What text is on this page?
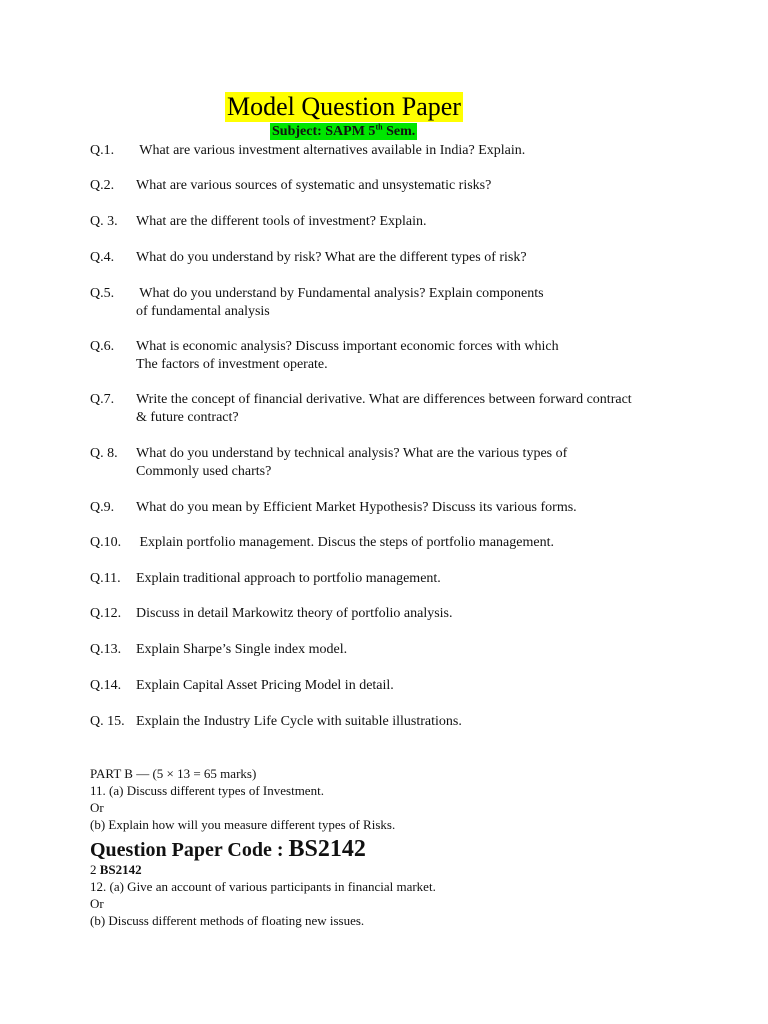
Model Question Paper
Subject: SAPM 5th Sem.
Q.1. What are various investment alternatives available in India? Explain.
Q.2. What are various sources of systematic and unsystematic risks?
Q. 3. What are the different tools of investment? Explain.
Q.4. What do you understand by risk? What are the different types of risk?
Q.5. What do you understand by Fundamental analysis? Explain components
of fundamental analysis
Q.6. What is economic analysis? Discuss important economic forces with which
The factors of investment operate.
Q.7. Write the concept of financial derivative. What are differences between forward contract
& future contract?
Q. 8. What do you understand by technical analysis? What are the various types of
Commonly used charts?
Q.9. What do you mean by Efficient Market Hypothesis? Discuss its various forms.
Q.10. Explain portfolio management. Discus the steps of portfolio management.
Q.11. Explain traditional approach to portfolio management.
Q.12. Discuss in detail Markowitz theory of portfolio analysis.
Q.13. Explain Sharpe’s Single index model.
Q.14. Explain Capital Asset Pricing Model in detail.
Q. 15. Explain the Industry Life Cycle with suitable illustrations.
PART B — (5 × 13 = 65 marks)
11. (a) Discuss different types of Investment.
Or
(b) Explain how will you measure different types of Risks.
Question Paper Code : BS2142
2 BS2142
12. (a) Give an account of various participants in financial market.
Or
(b) Discuss different methods of floating new issues.
